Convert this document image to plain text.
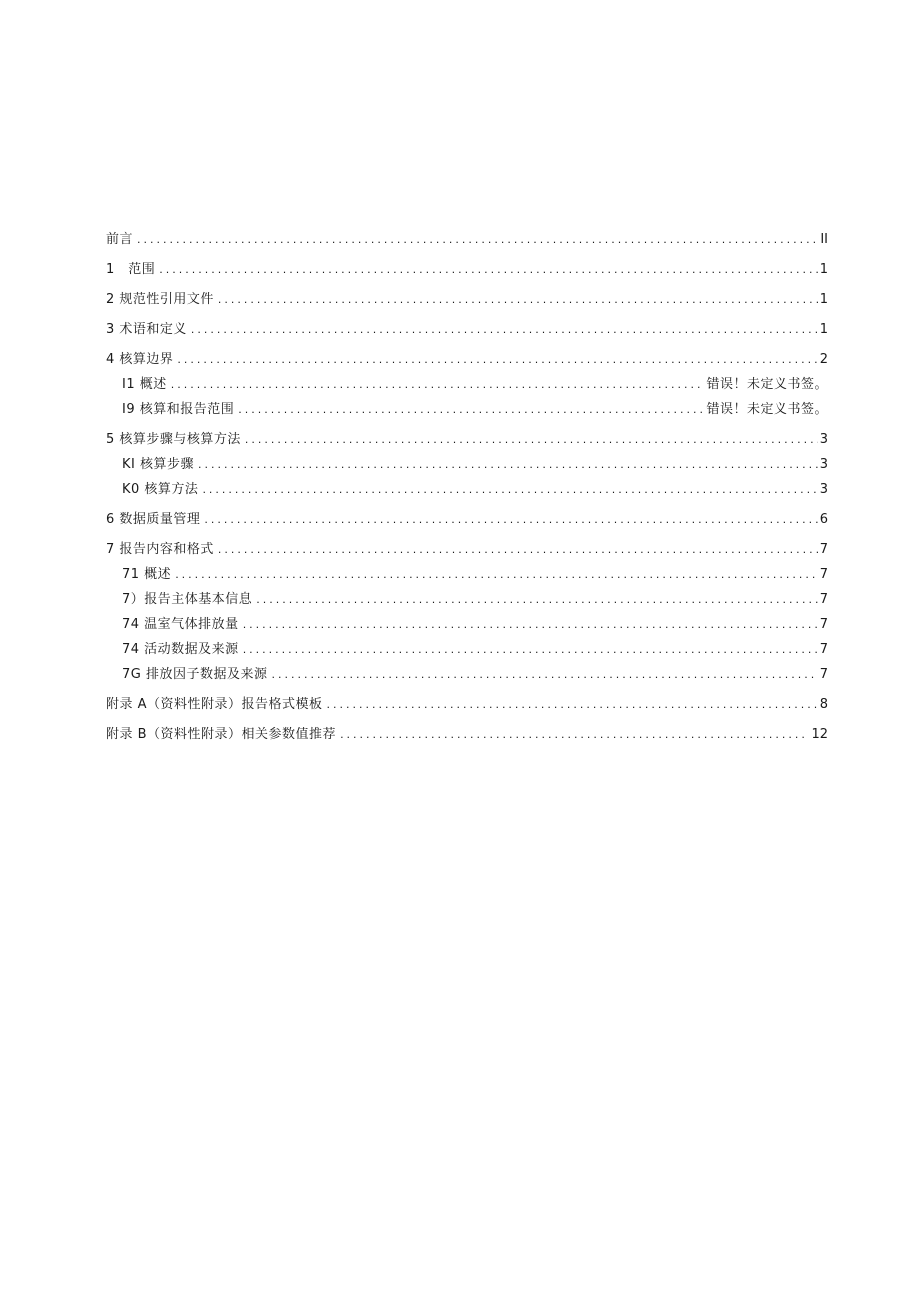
前言 .....	II
1　范围 .....	1
2 规范性引用文件 .....	1
3 术语和定义 .....	1
4 核算边界 .....	2
I1 概述 .....	错误！未定义书签。
I9 核算和报告范围 .....	错误！未定义书签。
5 核算步骤与核算方法 .....	3
KI 核算步骤 .....	3
K0 核算方法 .....	3
6 数据质量管理 .....	6
7 报告内容和格式 .....	7
71 概述 .....	7
7）报告主体基本信息 .....	7
74 温室气体排放量 .....	7
74 活动数据及来源 .....	7
7G 排放因子数据及来源 .....	7
附录 A（资料性附录）报告格式模板 .....	8
附录 B（资料性附录）相关参数值推荐 .....	12
